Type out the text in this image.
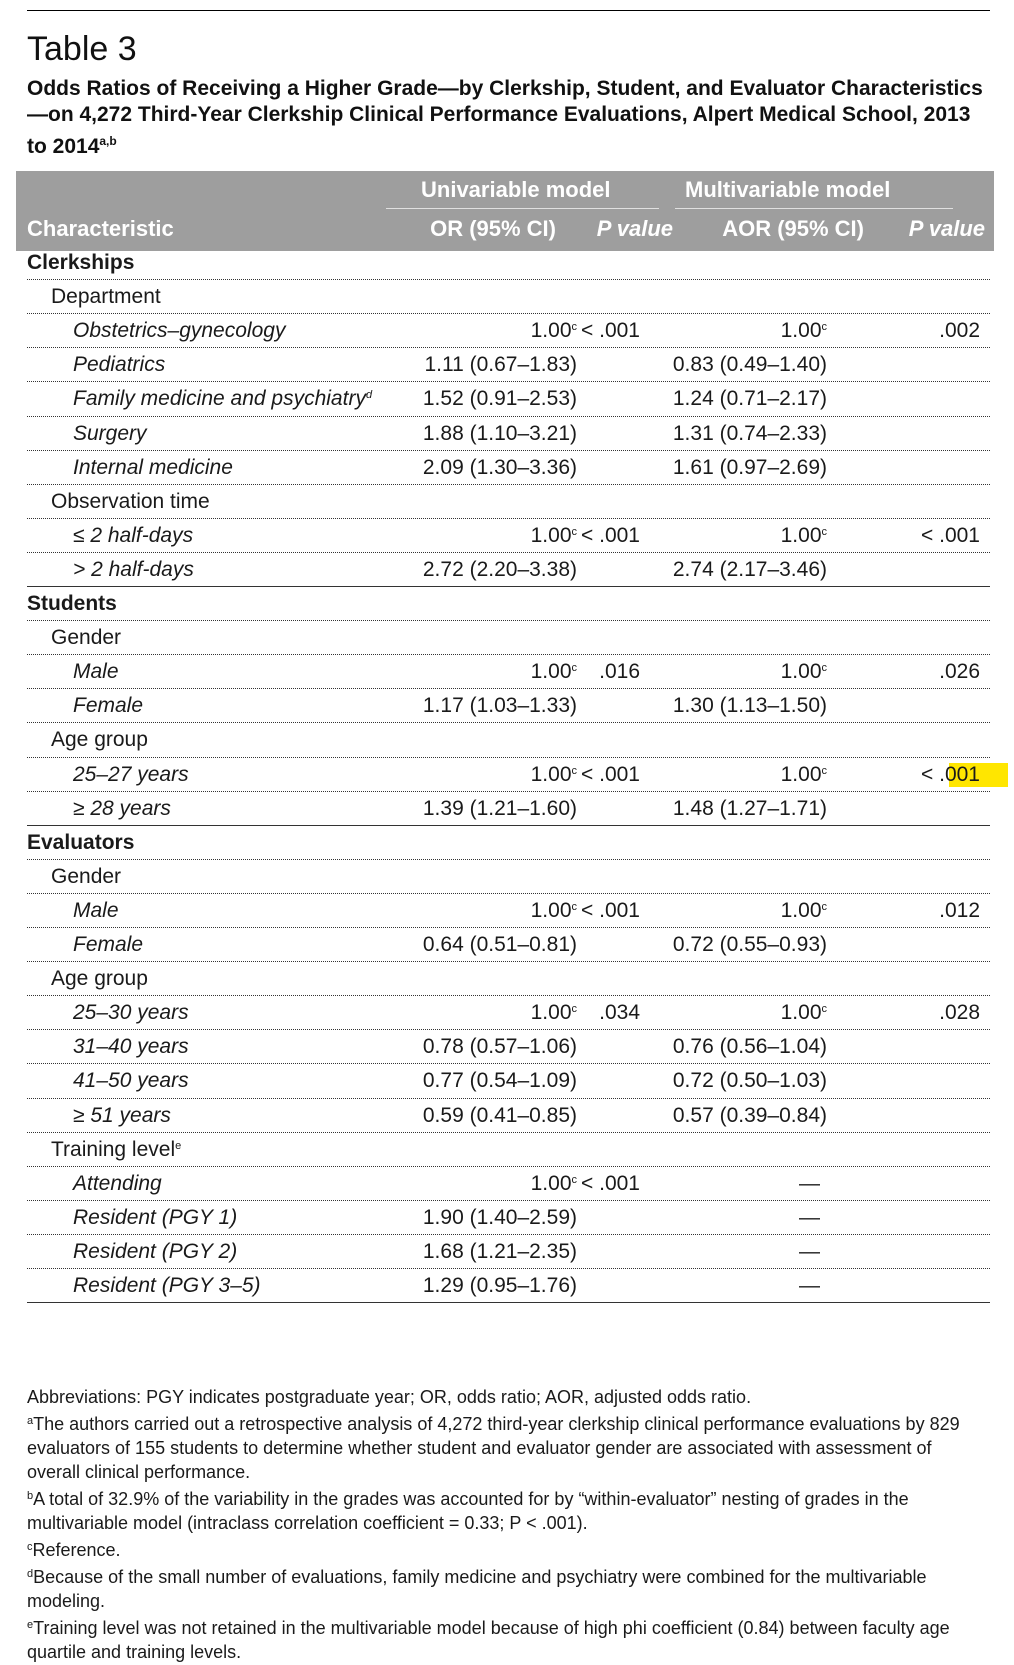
Table 3
Odds Ratios of Receiving a Higher Grade—by Clerkship, Student, and Evaluator Characteristics—on 4,272 Third-Year Clerkship Clinical Performance Evaluations, Alpert Medical School, 2013 to 2014$^{a,b}$
Univariable model	Multivariable model
Characteristic	OR (95% CI) P value AOR (95% CI) P value
Clerkships
Department
Obstetrics–gynecology	1.00$^c$ < .001	1.00$^c$	.002
Pediatrics	1.11 (0.67–1.83)	0.83 (0.49–1.40)
Family medicine and psychiatry$^d$ 1.52 (0.91–2.53)	1.24 (0.71–2.17)
Surgery	1.88 (1.10–3.21)	1.31 (0.74–2.33)
Internal medicine	2.09 (1.30–3.36)	1.61 (0.97–2.69)
Observation time
≤ 2 half-days	1.00$^c$ < .001	1.00$^c$	< .001
> 2 half-days	2.72 (2.20–3.38)	2.74 (2.17–3.46)
Students
Gender
Male	1.00$^c$ .016	1.00$^c$	.026
Female	1.17 (1.03–1.33)	1.30 (1.13–1.50)
Age group
25–27 years	1.00$^c$ < .001	1.00$^c$	< .001
≥ 28 years	1.39 (1.21–1.60)	1.48 (1.27–1.71)
Evaluators
Gender
Male	1.00$^c$ < .001	1.00$^c$	.012
Female	0.64 (0.51–0.81)	0.72 (0.55–0.93)
Age group
25–30 years	1.00$^c$ .034	1.00$^c$	.028
31–40 years	0.78 (0.57–1.06)	0.76 (0.56–1.04)
41–50 years	0.77 (0.54–1.09)	0.72 (0.50–1.03)
≥ 51 years	0.59 (0.41–0.85)	0.57 (0.39–0.84)
Training level$^e$
Attending	1.00$^c$ < .001	—
Resident (PGY 1)	1.90 (1.40–2.59)	—
Resident (PGY 2)	1.68 (1.21–2.35)	—
Resident (PGY 3–5)	1.29 (0.95–1.76)	—

Abbreviations: PGY indicates postgraduate year; OR, odds ratio; AOR, adjusted odds ratio.

$^a$The authors carried out a retrospective analysis of 4,272 third-year clerkship clinical performance evaluations by 829 evaluators of 155 students to determine whether student and evaluator gender are associated with assessment of overall clinical performance.

$^b$A total of 32.9% of the variability in the grades was accounted for by “within-evaluator” nesting of grades in the multivariable model (intraclass correlation coefficient = 0.33; P < .001).

$^c$Reference.

$^d$Because of the small number of evaluations, family medicine and psychiatry were combined for the multivariable modeling.

$^e$Training level was not retained in the multivariable model because of high phi coefficient (0.84) between faculty age quartile and training levels.
